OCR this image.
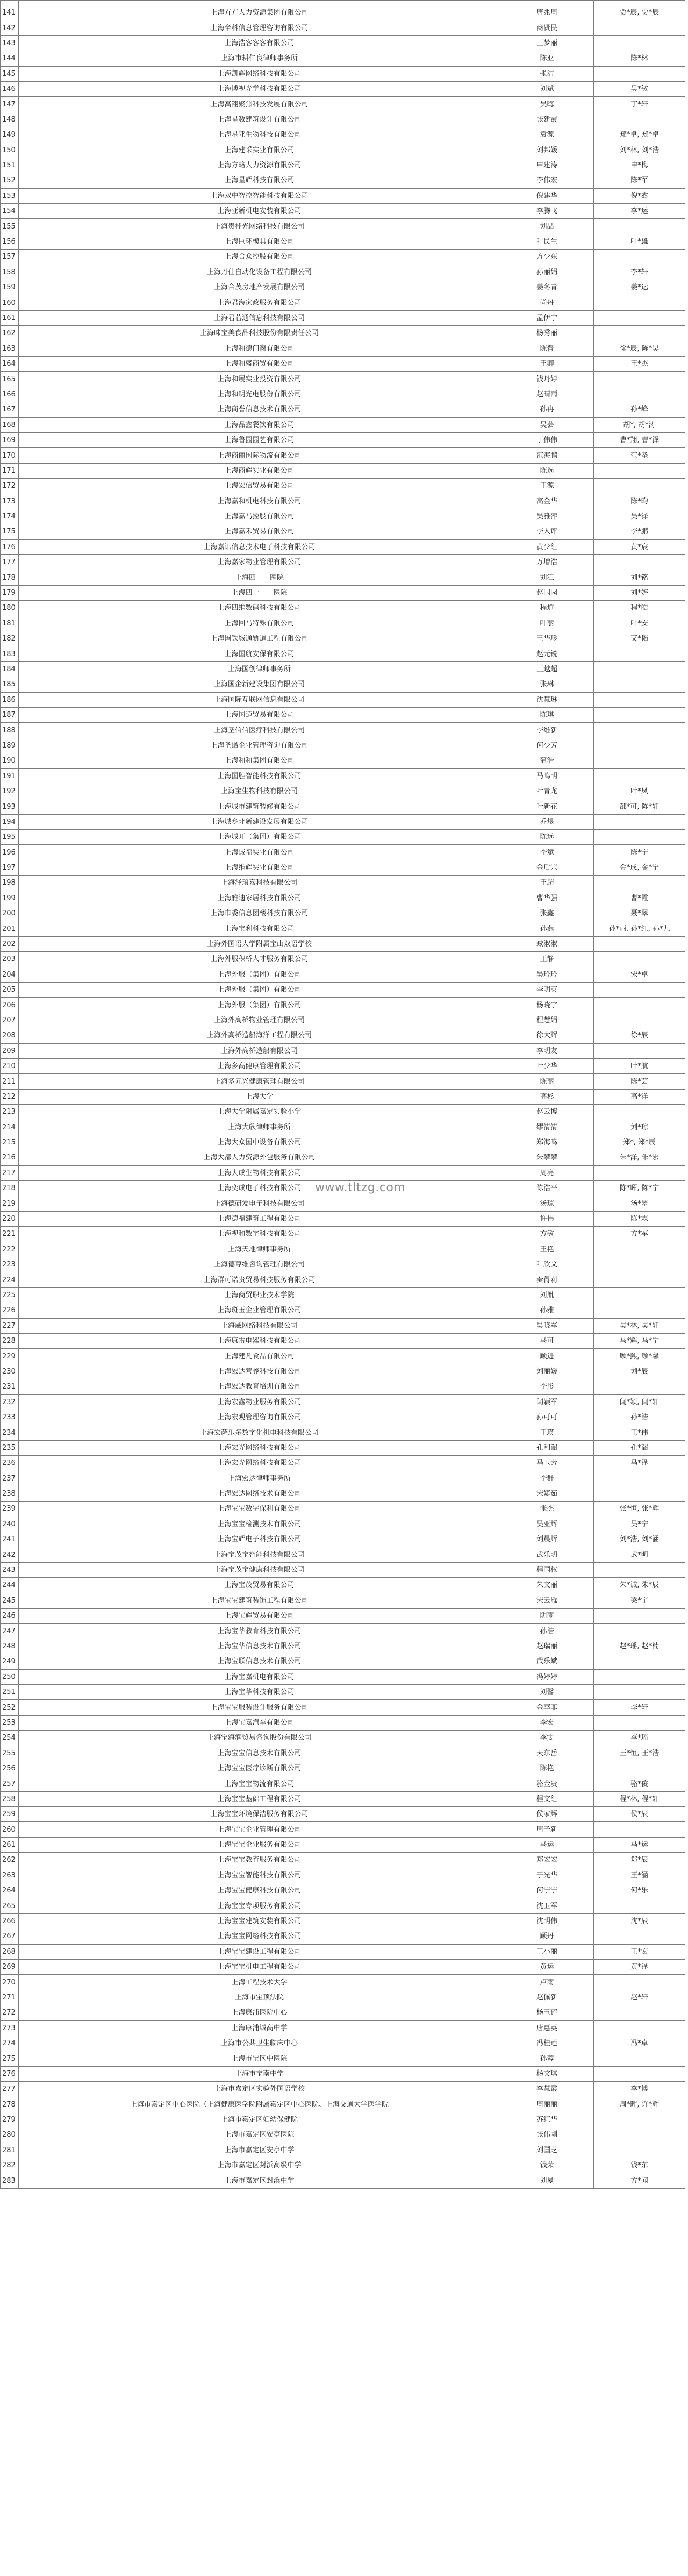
141	上海卉卉人力资源集团有限公司	唐兆周	贾*辰, 贾*辰
142	上海帝科信息管理咨询有限公司	商贤民	
143	上海浩客客客有限公司	王梦丽	
144	上海市耕仁良律师事务所	陈亚	陈*林
145	上海凯辉网络科技有限公司	张洁	
146	上海博视光学科技有限公司	刘斌	吴*敏
147	上海高翔聚焦科技发展有限公司	吴晦	丁*轩
148	上海星数建筑设计有限公司	张建霞	
149	上海星亚生物科技有限公司	袁源	郑*卓, 郑*卓
150	上海建采实业有限公司	刘邦媛	刘*林, 刘*浩
151	上海方略人力资源有限公司	申建涛	申*梅
152	上海星辉科技有限公司	李伟宏	陈*军
153	上海双中智控智能科技有限公司	倪建华	倪*鑫
154	上海亚新机电安装有限公司	李腾飞	李*运
155	上海贵桂光网络科技有限公司	刘晶	
156	上海巨环模具有限公司	叶民生	叶*雄
157	上海合众控股有限公司	方少东	
158	上海丹仕自动化设备工程有限公司	孙丽娟	李*轩
159	上海合茂房地产发展有限公司	姜冬青	姜*运
160	上海君海家政服务有限公司	尚丹	
161	上海君若通信息科技有限公司	孟伊宁	
162	上海味宝美食品科技股份有限责任公司	杨秀丽	
163	上海和德门窗有限公司	陈晋	徐*辰, 陈*昊
164	上海和盛商贸有限公司	王卿	王*杰
165	上海和展实业投资有限公司	钱丹婷	
166	上海和明光电股份有限公司	赵晴雨	
167	上海商誉信息技术有限公司	孙冉	孙*峰
168	上海品鑫餐饮有限公司	吴芸	胡*, 胡*涛
169	上海鲁园园艺有限公司	丁伟伟	曹*翔, 曹*泽
170	上海商丽国际物流有限公司	范海鹏	范*圣
171	上海商辉实业有限公司	陈选	
172	上海宏信贸易有限公司	王源	
173	上海嘉和机电科技有限公司	高金华	陈*昀
174	上海嘉马控股有限公司	吴雅萍	吴*泽
175	上海嘉禾贸易有限公司	李人评	李*鹏
176	上海嘉讯信息技术电子科技有限公司	黄少红	黄*宸
177	上海嘉家物业管理有限公司	万增浩	
178	上海四——医院	刘江	刘*铭
179	上海四一——医院	赵国园	刘*婷
180	上海四维数码科技有限公司	程道	程*皓
181	上海回马特殊有限公司	叶丽	叶*安
182	上海国铁城通轨道工程有限公司	王华珍	艾*韬
183	上海国航安保有限公司	赵元锐	
184	上海国创律师事务所	王越超	
185	上海国企新建设集团有限公司	张琳	
186	上海国际互联网信息有限公司	沈慧琳	
187	上海国迈贸易有限公司	陈琪	
188	上海圣信信医疗科技有限公司	李维新	
189	上海圣诺企业管理咨询有限公司	何少芳	
190	上海和和集团有限公司	蒲浩	
191	上海国胜智能科技有限公司	马鸣明	
192	上海宝生物科技有限公司	叶青龙	叶*凤
193	上海城市建筑装修有限公司	叶新花	邵*可, 陈*轩
194	上海城乡北新建设发展有限公司	乔煜	
195	上海城开（集团）有限公司	陈远	
196	上海诚福实业有限公司	李斌	陈*宁
197	上海维辉实业有限公司	金后宗	金*成, 金*宁
198	上海泽琅嘉科技有限公司	王超	
199	上海雅迪家居科技有限公司	曹华强	曹*霞
200	上海市委信息团楼科技有限公司	张鑫	聂*翠
201	上海宝利科技有限公司	孙燕	孙*丽, 孙*红, 孙*九
202	上海外国语大学附属宝山双语学校	臧淑淑	
203	上海外服积桥人才服务有限公司	王静	
204	上海外服（集团）有限公司	吴玲玲	宋*卓
205	上海外服（集团）有限公司	李明英	
206	上海外服（集团）有限公司	杨晓宇	
207	上海外高桥物业管理有限公司	程慧娟	
208	上海外高桥造船海洋工程有限公司	徐大辉	徐*辰
209	上海外高桥造船有限公司	李明友	
210	上海多高健康管理有限公司	叶少华	叶*航
211	上海多元兴健康管理有限公司	陈丽	陈*芸
212	上海大学	高杉	高*洋
213	上海大学附属嘉定实验小学	赵云博	
214	上海大欣律师事务所	缪清清	刘*琼
215	上海大众国中设备有限公司	郑海鸣	郑*, 郑*辰
216	上海大都人力资源外包服务有限公司	朱攀攀	朱*泽, 朱*宏
217	上海大成生物科技有限公司	周亮	
218	上海奕成电子科技有限公司	陈浩平	陈*晖, 陈*宁
219	上海德研发电子科技有限公司	汤琼	汤*翠
220	上海德福建筑工程有限公司	许伟	陈*霖
221	上海视和数字科技有限公司	方敏	方*军
222	上海天地律师事务所	王艳	
223	上海德尊维咨询管理有限公司	叶欣文	
224	上海群可诺贵贸易科技服务有限公司	秦得莉	
225	上海商贸职业技术学院	刘胤	
226	上海斑玉企业管理有限公司	孙雅	
227	上海威网络科技有限公司	吴晓军	吴*林, 吴*轩
228	上海康雷电器科技有限公司	马可	马*辉, 马*宁
229	上海建凡食品有限公司	顾进	顾*熙, 顾*馨
230	上海宏达营养科技有限公司	刘丽媛	刘*辰
231	上海宏达教育培训有限公司	李彤	
232	上海宏鑫物业服务有限公司	闻颖军	闻*颖, 闻*轩
233	上海宏观管理咨询有限公司	孙可可	孙*浩
234	上海宏萨乐多数字化机电科技有限公司	王瑛	王*伟
235	上海宏光网络科技有限公司	孔利韶	孔*韶
236	上海宏光网络科技有限公司	马玉芳	马*泽
237	上海宏达律师事务所	李群	
238	上海宏达网络技术有限公司	宋婕茹	
239	上海宝宝数字保利有限公司	张杰	张*恒, 张*辉
240	上海宝宝检测技术有限公司	吴亚辉	吴*宁
241	上海宝辉电子科技有限公司	刘晨辉	刘*浩, 刘*涵
242	上海宝茂宝智能科技有限公司	武乐明	武*明
243	上海宝茂宝健康科技有限公司	程国权	
244	上海宝茂贸易有限公司	朱文丽	朱*诚, 朱*辰
245	上海宝宝建筑装饰工程有限公司	宋云雁	梁*宇
246	上海宝辉贸易有限公司	阴雨	
247	上海宝华教育科技有限公司	孙浩	
248	上海宝华信息技术有限公司	赵瑞丽	赵*瑶, 赵*楠
249	上海宝联信息技术有限公司	武乐斌	
250	上海宝嘉机电有限公司	冯婷婷	
251	上海宝华科技有限公司	刘馨	
252	上海宝宝服装设计服务有限公司	金苹菲	李*轩
253	上海宝嘉汽车有限公司	李宏	
254	上海宝海润贸易咨询股份有限公司	李雯	李*瑶
255	上海宝宝信息技术有限公司	天东岳	王*恒, 王*浩
256	上海宝宝医疗诊断有限公司	陈艳	
257	上海宝宝物流有限公司	骆金贵	骆*俊
258	上海宝宝基础工程有限公司	程文红	程*林, 程*轩
259	上海宝宝环境保洁服务有限公司	侯家辉	侯*辰
260	上海宝宝企业管理有限公司	周子新	
261	上海宝宝企业服务有限公司	马运	马*运
262	上海宝宝教育服务有限公司	郑宏宏	郑*辰
263	上海宝宝智能科技有限公司	于光华	王*涵
264	上海宝宝健康科技有限公司	何宁宁	何*乐
265	上海宝宝专项服务有限公司	沈卫军	
266	上海宝宝建筑安装有限公司	沈明伟	沈*辰
267	上海宝宝网络科技有限公司	顾丹	
268	上海宝宝建设工程有限公司	王小丽	王*宏
269	上海宝宝机电工程有限公司	黄运	黄*泽
270	上海工程技术大学	卢雨	
271	上海市宝顶法院	赵佩新	赵*轩
272	上海康浦医院中心	杨玉莲	
273	上海康浦城高中学	唐惠英	
274	上海市公共卫生临床中心	冯桂莲	冯*卓
275	上海市宝区中医院	孙蓉	
276	上海市宝南中学	杨文琪	
277	上海市嘉定区实验外国语学校	李慧霞	李*博
278	上海市嘉定区中心医院（上海健康医学院附属嘉定区中心医院、上海交通大学医学院	周丽丽	周*晖, 许*辉
279	上海市嘉定区妇幼保健院	苏红华	
280	上海市嘉定区安亭医院	张伟刚	
281	上海市嘉定区安亭中学	刘国芝	
282	上海市嘉定区封浜高级中学	钱荣	钱*东
283	上海市嘉定区封浜中学	刘曼	方*闻
www.tltzg.com
